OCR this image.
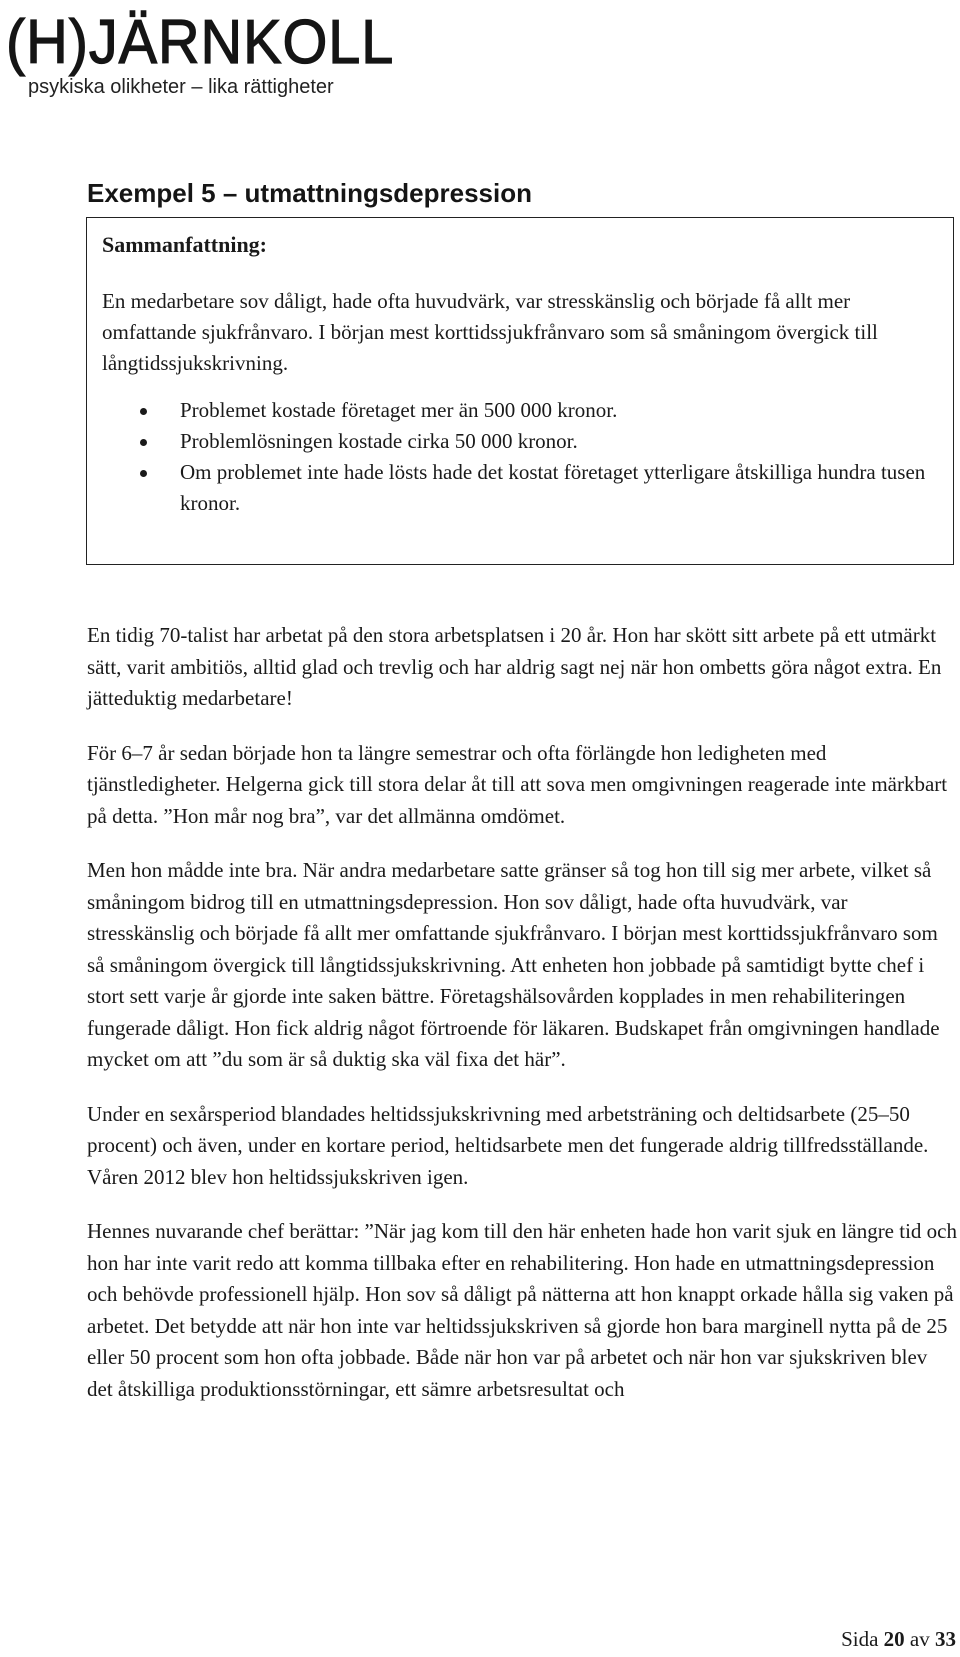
(H)JÄRNKOLL
psykiska olikheter – lika rättigheter
Exempel 5 – utmattningsdepression
Sammanfattning:

En medarbetare sov dåligt, hade ofta huvudvärk, var stresskänslig och började få allt mer omfattande sjukfrånvaro. I början mest korttidssjukfrånvaro som så småningom övergick till långtidssjukskrivning.

Problemet kostade företaget mer än 500 000 kronor.
Problemlösningen kostade cirka 50 000 kronor.
Om problemet inte hade lösts hade det kostat företaget ytterligare åtskilliga hundra tusen kronor.

En tidig 70-talist har arbetat på den stora arbetsplatsen i 20 år. Hon har skött sitt arbete på ett utmärkt sätt, varit ambitiös, alltid glad och trevlig och har aldrig sagt nej när hon ombetts göra något extra. En jätteduktig medarbetare!

För 6–7 år sedan började hon ta längre semestrar och ofta förlängde hon ledigheten med tjänstledigheter. Helgerna gick till stora delar åt till att sova men omgivningen reagerade inte märkbart på detta. ”Hon mår nog bra”, var det allmänna omdömet.

Men hon mådde inte bra. När andra medarbetare satte gränser så tog hon till sig mer arbete, vilket så småningom bidrog till en utmattningsdepression. Hon sov dåligt, hade ofta huvudvärk, var stresskänslig och började få allt mer omfattande sjukfrånvaro. I början mest korttidssjukfrånvaro som så småningom övergick till långtidssjukskrivning. Att enheten hon jobbade på samtidigt bytte chef i stort sett varje år gjorde inte saken bättre. Företagshälsovården kopplades in men rehabiliteringen fungerade dåligt. Hon fick aldrig något förtroende för läkaren. Budskapet från omgivningen handlade mycket om att ”du som är så duktig ska väl fixa det här”.

Under en sexårsperiod blandades heltidssjukskrivning med arbetsträning och deltidsarbete (25–50 procent) och även, under en kortare period, heltidsarbete men det fungerade aldrig tillfredsställande. Våren 2012 blev hon heltidssjukskriven igen.

Hennes nuvarande chef berättar: ”När jag kom till den här enheten hade hon varit sjuk en längre tid och hon har inte varit redo att komma tillbaka efter en rehabilitering. Hon hade en utmattningsdepression och behövde professionell hjälp. Hon sov så dåligt på nätterna att hon knappt orkade hålla sig vaken på arbetet. Det betydde att när hon inte var heltidssjukskriven så gjorde hon bara marginell nytta på de 25 eller 50 procent som hon ofta jobbade. Både när hon var på arbetet och när hon var sjukskriven blev det åtskilliga produktionsstörningar, ett sämre arbetsresultat och

Sida 20 av 33
